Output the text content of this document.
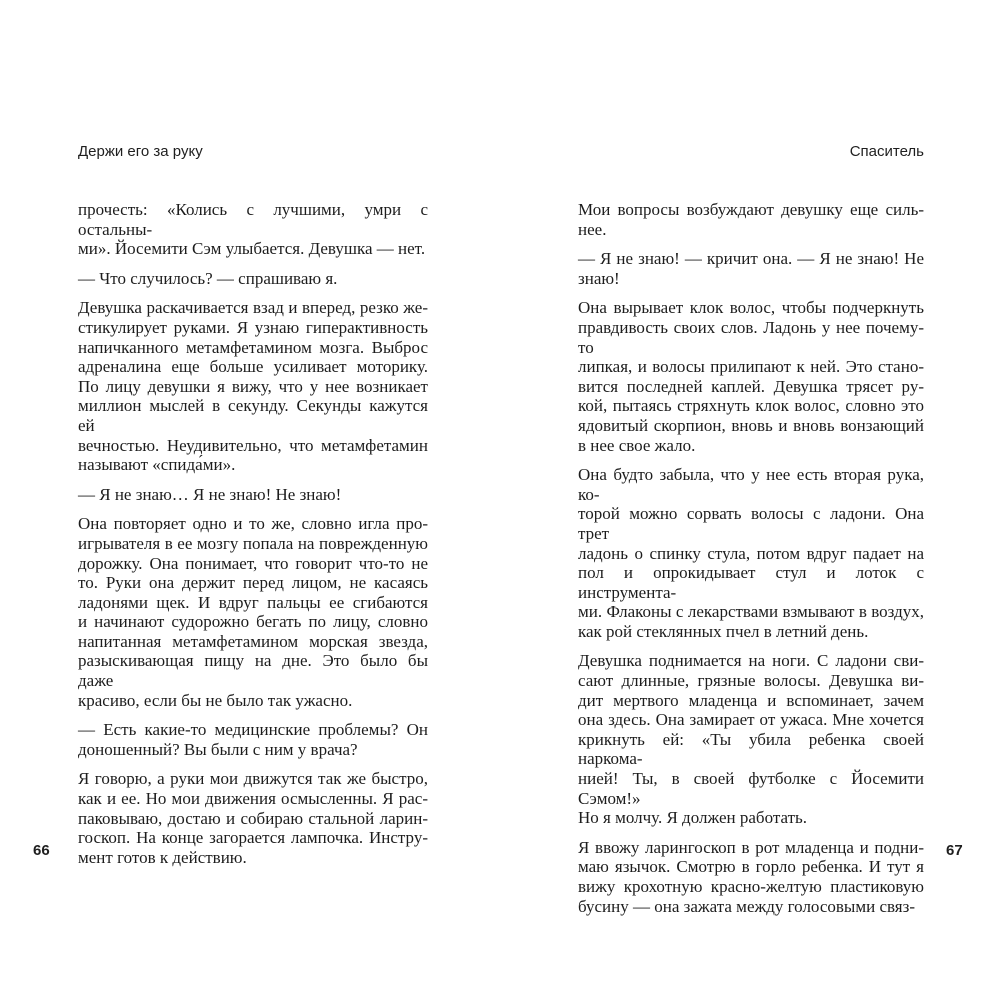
Держи его за руку

прочесть: «Колись с лучшими, умри с остальны-
ми». Йосемити Сэм улыбается. Девушка — нет.

— Что случилось? — спрашиваю я.

Девушка раскачивается взад и вперед, резко же-
стикулирует руками. Я узнаю гиперактивность
напичканного метамфетамином мозга. Выброс
адреналина еще больше усиливает моторику.
По лицу девушки я вижу, что у нее возникает
миллион мыслей в секунду. Секунды кажутся ей
вечностью. Неудивительно, что метамфетамин
называют «спида́ми».

— Я не знаю… Я не знаю! Не знаю!

Она повторяет одно и то же, словно игла про-
игрывателя в ее мозгу попала на поврежденную
дорожку. Она понимает, что говорит что-то не
то. Руки она держит перед лицом, не касаясь
ладонями щек. И вдруг пальцы ее сгибаются
и начинают судорожно бегать по лицу, словно
напитанная метамфетамином морская звезда,
разыскивающая пищу на дне. Это было бы даже
красиво, если бы не было так ужасно.

— Есть какие-то медицинские проблемы? Он
доношенный? Вы были с ним у врача?

Я говорю, а руки мои движутся так же быстро,
как и ее. Но мои движения осмысленны. Я рас-
паковываю, достаю и собираю стальной ларин-
госкоп. На конце загорается лампочка. Инстру-
мент готов к действию.

Спаситель

Мои вопросы возбуждают девушку еще силь-
нее.

— Я не знаю! — кричит она. — Я не знаю! Не
знаю!

Она вырывает клок волос, чтобы подчеркнуть
правдивость своих слов. Ладонь у нее почему-то
липкая, и волосы прилипают к ней. Это стано-
вится последней каплей. Девушка трясет ру-
кой, пытаясь стряхнуть клок волос, словно это
ядовитый скорпион, вновь и вновь вонзающий
в нее свое жало.

Она будто забыла, что у нее есть вторая рука, ко-
торой можно сорвать волосы с ладони. Она трет
ладонь о спинку стула, потом вдруг падает на
пол и опрокидывает стул и лоток с инструмента-
ми. Флаконы с лекарствами взмывают в воздух,
как рой стеклянных пчел в летний день.

Девушка поднимается на ноги. С ладони сви-
сают длинные, грязные волосы. Девушка ви-
дит мертвого младенца и вспоминает, зачем
она здесь. Она замирает от ужаса. Мне хочется
крикнуть ей: «Ты убила ребенка своей наркома-
нией! Ты, в своей футболке с Йосемити Сэмом!»
Но я молчу. Я должен работать.

Я ввожу ларингоскоп в рот младенца и подни-
маю язычок. Смотрю в горло ребенка. И тут я
вижу крохотную красно-желтую пластиковую
бусину — она зажата между голосовыми связ-

66	67
